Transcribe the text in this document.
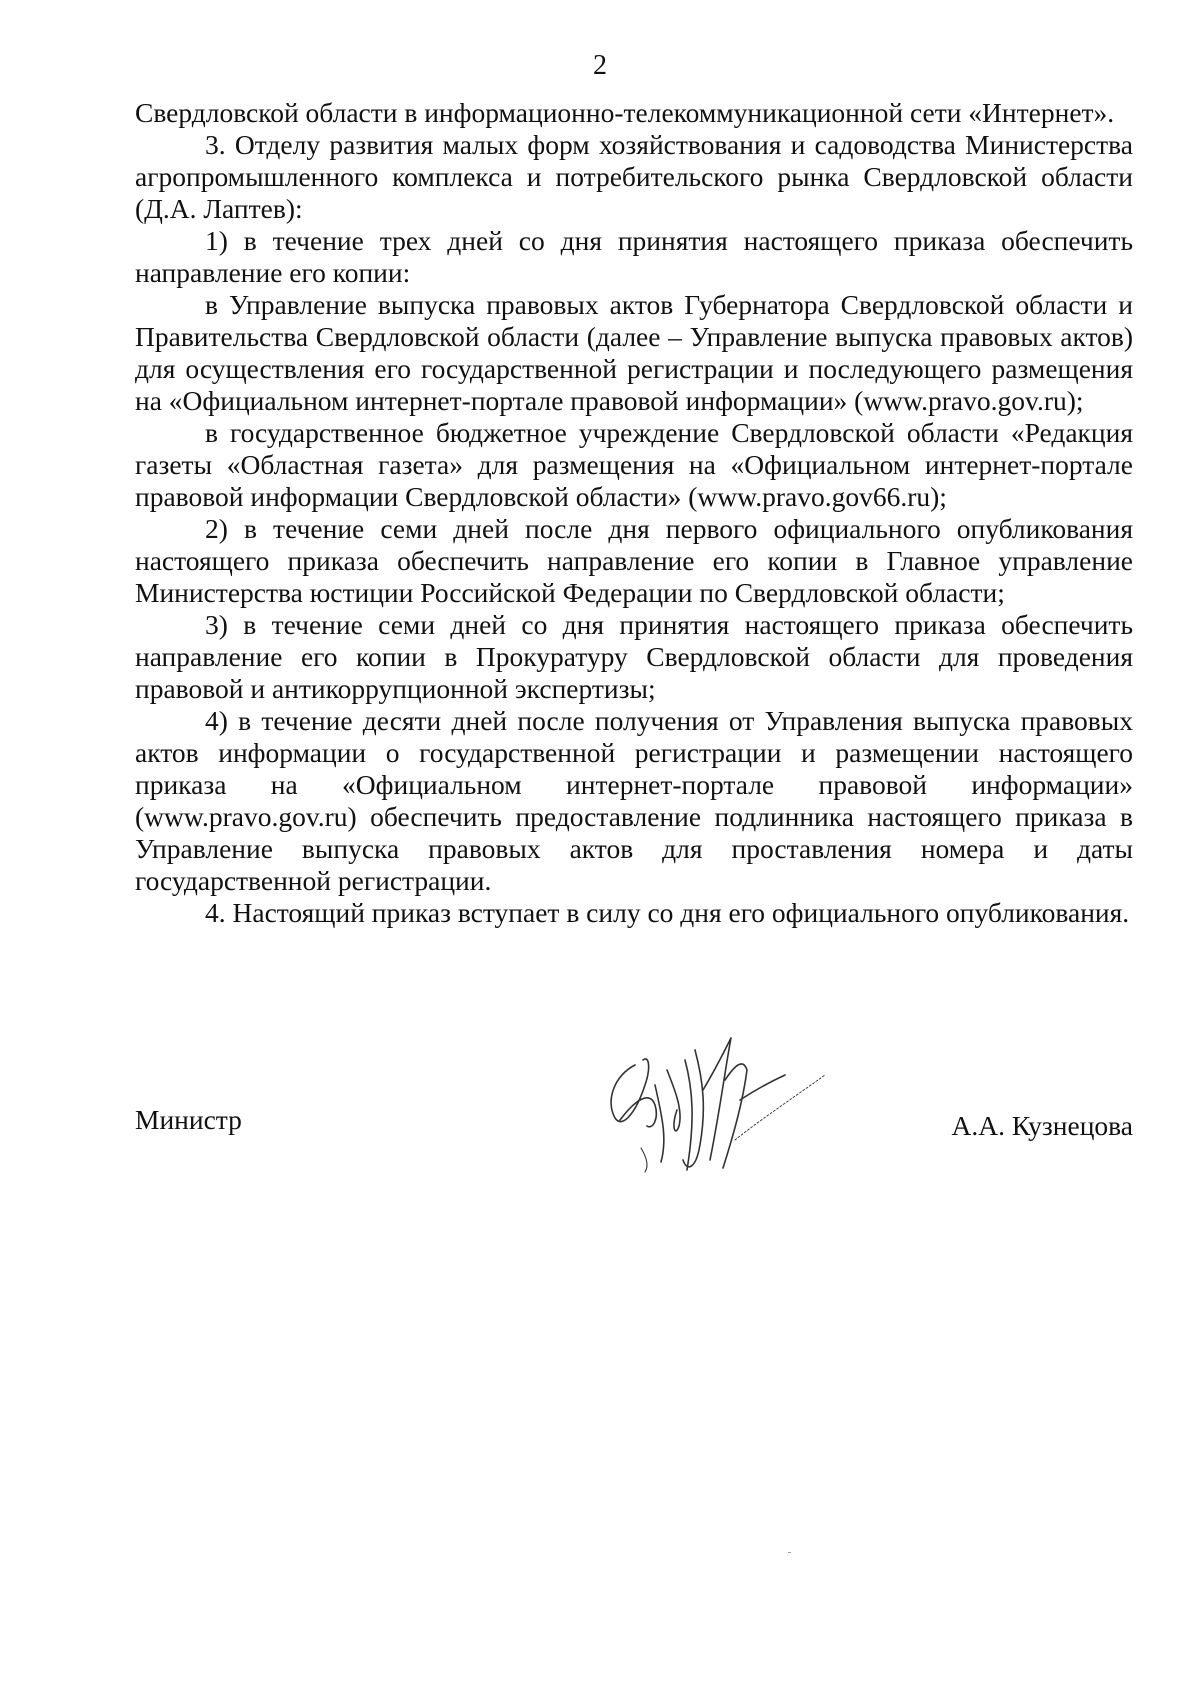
2

Свердловской области в информационно-телекоммуникационной сети «Интернет».

3. Отделу развития малых форм хозяйствования и садоводства Министерства агропромышленного комплекса и потребительского рынка Свердловской области (Д.А. Лаптев):

1) в течение трех дней со дня принятия настоящего приказа обеспечить направление его копии:

в Управление выпуска правовых актов Губернатора Свердловской области и Правительства Свердловской области (далее – Управление выпуска правовых актов) для осуществления его государственной регистрации и последующего размещения на «Официальном интернет-портале правовой информации» (www.pravo.gov.ru);

в государственное бюджетное учреждение Свердловской области «Редакция газеты «Областная газета» для размещения на «Официальном интернет-портале правовой информации Свердловской области» (www.pravo.gov66.ru);

2) в течение семи дней после дня первого официального опубликования настоящего приказа обеспечить направление его копии в Главное управление Министерства юстиции Российской Федерации по Свердловской области;

3) в течение семи дней со дня принятия настоящего приказа обеспечить направление его копии в Прокуратуру Свердловской области для проведения правовой и антикоррупционной экспертизы;

4) в течение десяти дней после получения от Управления выпуска правовых актов информации о государственной регистрации и размещении настоящего приказа на «Официальном интернет-портале правовой информации» (www.pravo.gov.ru) обеспечить предоставление подлинника настоящего приказа в Управление выпуска правовых актов для проставления номера и даты государственной регистрации.

4. Настоящий приказ вступает в силу со дня его официального опубликования.

Министр	А.А. Кузнецова
